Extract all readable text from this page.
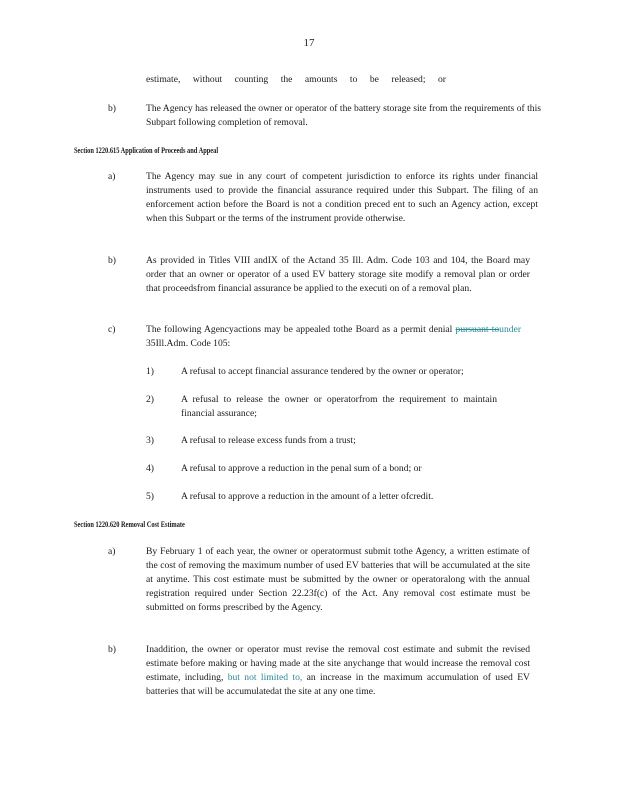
17
estimate, without counting the amounts to be released; or
b)	The Agency has released the owner or operator of the battery storage site from the requirements of this Subpart following completion of removal.
Section 1220.615 Application of Proceeds and Appeal
a)	The Agency may sue in any court of competent jurisdiction to enforce its rights under financial instruments used to provide the financial assurance required under this Subpart. The filing of an enforcement action before the Board is not a condition preced ent to such an Agency action, except when this Subpart or the terms of the instrument provide otherwise.
b)	As provided in Titles VIII andIX of the Actand 35 Ill. Adm. Code 103 and 104, the Board may order that an owner or operator of a used EV battery storage site modify a removal plan or order that proceedsfrom financial assurance be applied to the executi on of a removal plan.
c)	The following Agencyactions may be appealed tothe Board as a permit denial pursuant tounder 35Ill.Adm. Code 105:
1)	A refusal to accept financial assurance tendered by the owner or operator;
2)	A refusal to release the owner or operatorfrom the requirement to maintain financial assurance;
3)	A refusal to release excess funds from a trust;
4)	A refusal to approve a reduction in the penal sum of a bond; or
5)	A refusal to approve a reduction in the amount of a letter ofcredit.
Section 1220.620 Removal Cost Estimate
a)	By February 1 of each year, the owner or operatormust submit tothe Agency, a written estimate of the cost of removing the maximum number of used EV batteries that will be accumulated at the site at anytime. This cost estimate must be submitted by the owner or operatoralong with the annual registration required under Section 22.23f(c) of the Act. Any removal cost estimate must be submitted on forms prescribed by the Agency.
b)	Inaddition, the owner or operator must revise the removal cost estimate and submit the revised estimate before making or having made at the site anychange that would increase the removal cost estimate, including, but not limited to, an increase in the maximum accumulation of used EV batteries that will be accumulatedat the site at any one time.
